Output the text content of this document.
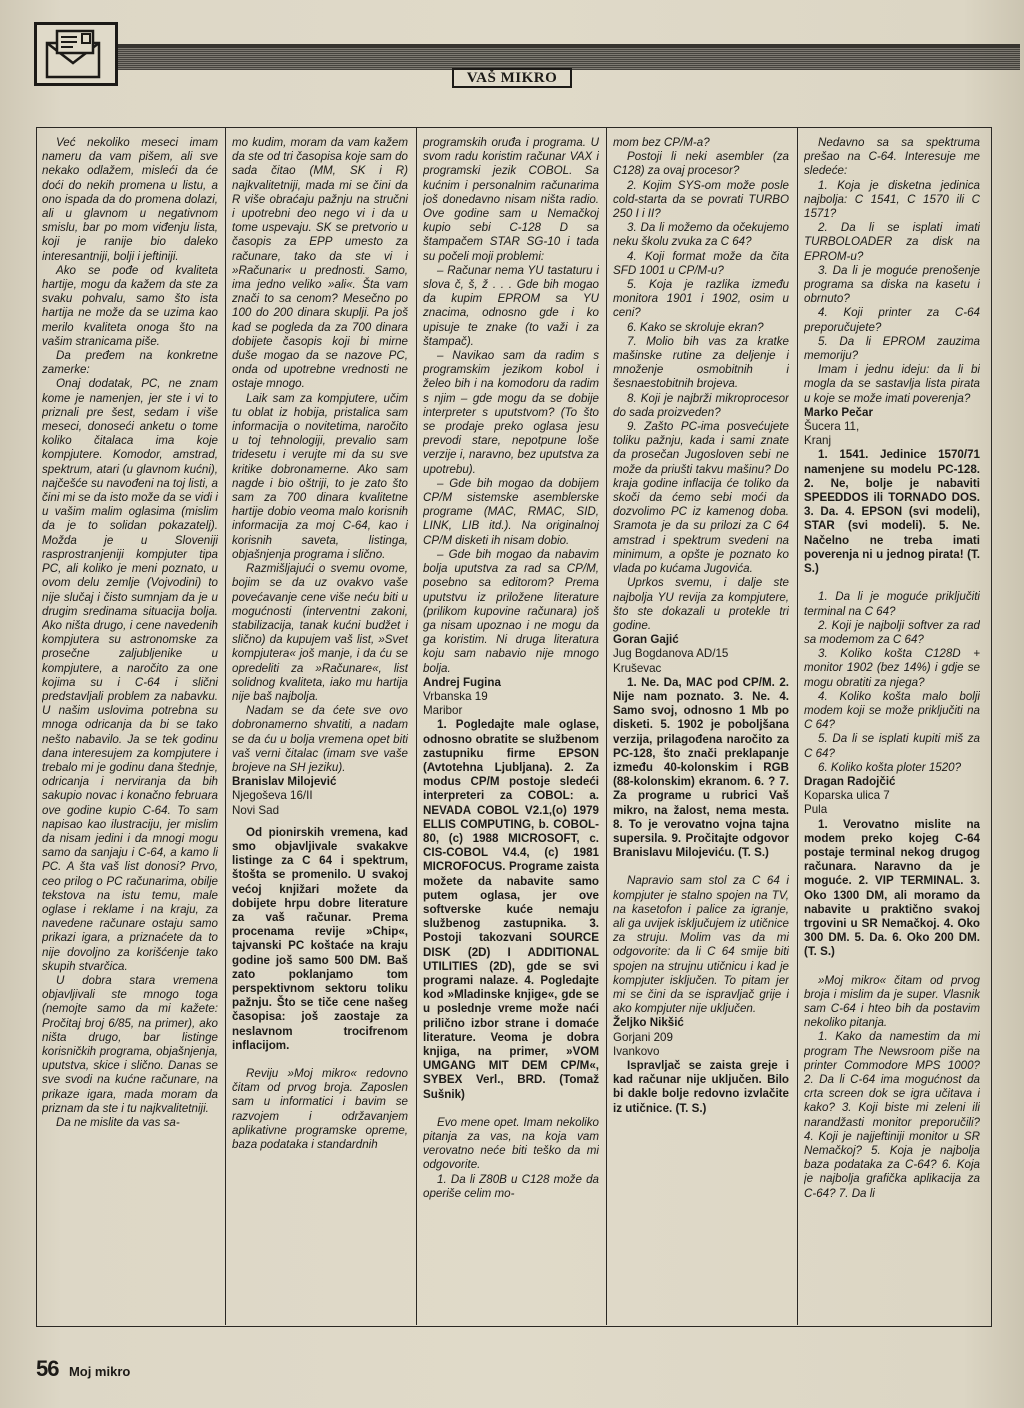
VAŠ MIKRO

Već nekoliko meseci imam nameru da vam pišem, ali sve nekako odlažem, misleći da će doći do nekih promena u listu, a ono ispada da do promena dolazi, ali u glavnom u negativnom smislu, bar po mom viđenju lista, koji je ranije bio daleko interesantniji, bolji i jeftiniji.

Ako se pođe od kvaliteta hartije, mogu da kažem da ste za svaku pohvalu, samo što ista hartija ne može da se uzima kao merilo kvaliteta onoga što na vašim stranicama piše.

Da pređem na konkretne zamerke:

Onaj dodatak, PC, ne znam kome je namenjen, jer ste i vi to priznali pre šest, sedam i više meseci, donoseći anketu o tome koliko čitalaca ima koje kompjutere. Komodor, amstrad, spektrum, atari (u glavnom kućni), najčešće su navođeni na toj listi, a čini mi se da isto može da se vidi i u vašim malim oglasima (mislim da je to solidan pokazatelj). Možda je u Sloveniji rasprostranjeniji kompjuter tipa PC, ali koliko je meni poznato, u ovom delu zemlje (Vojvodini) to nije slučaj i čisto sumnjam da je u drugim sredinama situacija bolja. Ako ništa drugo, i cene navedenih kompjutera su astronomske za prosečne zaljubljenike u kompjutere, a naročito za one kojima su i C-64 i slični predstavljali problem za nabavku. U našim uslovima potrebna su mnoga odricanja da bi se tako nešto nabavilo. Ja se tek godinu dana interesujem za kompjutere i trebalo mi je godinu dana štednje, odricanja i nerviranja da bih sakupio novac i konačno februara ove godine kupio C-64. To sam napisao kao ilustraciju, jer mislim da nisam jedini i da mnogi mogu samo da sanjaju i C-64, a kamo li PC. A šta vaš list donosi? Prvo, ceo prilog o PC računarima, obilje tekstova na istu temu, male oglase i reklame i na kraju, za navedene računare ostaju samo prikazi igara, a priznaćete da to nije dovoljno za korišćenje tako skupih stvarčica.

U dobra stara vremena objavljivali ste mnogo toga (nemojte samo da mi kažete: Pročitaj broj 6/85, na primer), ako ništa drugo, bar listinge korisničkih programa, objašnjenja, uputstva, skice i slično. Danas se sve svodi na kućne računare, na prikaze igara, mada moram da priznam da ste i tu najkvalitetniji.

Da ne mislite da vas sa-

mo kudim, moram da vam kažem da ste od tri časopisa koje sam do sada čitao (MM, SK i R) najkvalitetniji, mada mi se čini da R više obraćaju pažnju na stručni i upotrebni deo nego vi i da u tome uspevaju. SK se pretvorio u časopis za EPP umesto za računare, tako da ste vi i »Računari« u prednosti. Samo, ima jedno veliko »ali«. Šta vam znači to sa cenom? Mesečno po 100 do 200 dinara skuplji. Pa još kad se pogleda da za 700 dinara dobijete časopis koji bi mirne duše mogao da se nazove PC, onda od upotrebne vrednosti ne ostaje mnogo.

Laik sam za kompjutere, učim tu oblat iz hobija, pristalica sam informacija o novitetima, naročito u toj tehnologiji, prevalio sam tridesetu i verujte mi da su sve kritike dobronamerne. Ako sam nagde i bio oštriji, to je zato što sam za 700 dinara kvalitetne hartije dobio veoma malo korisnih informacija za moj C-64, kao i korisnih saveta, listinga, objašnjenja programa i slično.

Razmišljajući o svemu ovome, bojim se da uz ovakvo vaše povećavanje cene više neću biti u mogućnosti (interventni zakoni, stabilizacija, tanak kućni budžet i slično) da kupujem vaš list, »Svet kompjutera« još manje, i da ću se opredeliti za »Računare«, list solidnog kvaliteta, iako mu hartija nije baš najbolja.

Nadam se da ćete sve ovo dobronamerno shvatiti, a nadam se da ću u bolja vremena opet biti vaš verni čitalac (imam sve vaše brojeve na SH jeziku).

Branislav Milojević

Njegoševa 16/II

Novi Sad

Od pionirskih vremena, kad smo objavljivale svakakve listinge za C 64 i spektrum, štošta se promenilo. U svakoj većoj knjižari možete da dobijete hrpu dobre literature za vaš računar. Prema procenama revije »Chip«, tajvanski PC koštaće na kraju godine još samo 500 DM. Baš zato poklanjamo tom perspektivnom sektoru toliku pažnju. Što se tiče cene našeg časopisa: još zaostaje za neslavnom trocifrenom inflacijom.

Reviju »Moj mikro« redovno čitam od prvog broja. Zaposlen sam u informatici i bavim se razvojem i održavanjem aplikativne programske opreme, baza podataka i standardnih

programskih oruđa i programa. U svom radu koristim računar VAX i programski jezik COBOL. Sa kućnim i personalnim računarima još donedavno nisam ništa radio. Ove godine sam u Nemačkoj kupio sebi C-128 D sa štampačem STAR SG-10 i tada su počeli moji problemi:

– Računar nema YU tastaturu i slova č, š, ž . . . Gde bih mogao da kupim EPROM sa YU znacima, odnosno gde i ko upisuje te znake (to važi i za štampač).

– Navikao sam da radim s programskim jezikom kobol i želeo bih i na komodoru da radim s njim – gde mogu da se dobije interpreter s uputstvom? (To što se prodaje preko oglasa jesu prevodi stare, nepotpune loše verzije i, naravno, bez uputstva za upotrebu).

– Gde bih mogao da dobijem CP/M sistemske asemblerske programe (MAC, RMAC, SID, LINK, LIB itd.). Na originalnoj CP/M disketi ih nisam dobio.

– Gde bih mogao da nabavim bolja uputstva za rad sa CP/M, posebno sa editorom? Prema uputstvu iz priložene literature (prilikom kupovine računara) još ga nisam upoznao i ne mogu da ga koristim. Ni druga literatura koju sam nabavio nije mnogo bolja.

Andrej Fugina

Vrbanska 19

Maribor

1. Pogledajte male oglase, odnosno obratite se službenom zastupniku firme EPSON (Avtotehna Ljubljana). 2. Za modus CP/M postoje sledeći interpreteri za COBOL: a. NEVADA COBOL V2.1,(o) 1979 ELLIS COMPUTING, b. COBOL-80, (c) 1988 MICROSOFT, c. CIS-COBOL V4.4, (c) 1981 MICROFOCUS. Programe zaista možete da nabavite samo putem oglasa, jer ove softverske kuće nemaju službenog zastupnika. 3. Postoji takozvani SOURCE DISK (2D) I ADDITIONAL UTILITIES (2D), gde se svi programi nalaze. 4. Pogledajte kod »Mladinske knjige«, gde se u poslednje vreme može naći prilično izbor strane i domaće literature. Veoma je dobra knjiga, na primer, »VOM UMGANG MIT DEM CP/M«, SYBEX Verl., BRD. (Tomaž Sušnik)

Evo mene opet. Imam nekoliko pitanja za vas, na koja vam verovatno neće biti teško da mi odgovorite.

1. Da li Z80B u C128 može da operiše celim mo-

mom bez CP/M-a?

Postoji li neki asembler (za C128) za ovaj procesor?

2. Kojim SYS-om može posle cold-starta da se povrati TURBO 250 I i II?

3. Da li možemo da očekujemo neku školu zvuka za C 64?

4. Koji format može da čita SFD 1001 u CP/M-u?

5. Koja je razlika između monitora 1901 i 1902, osim u ceni?

6. Kako se skroluje ekran?

7. Molio bih vas za kratke mašinske rutine za deljenje i množenje osmobitnih i šesnaestobitnih brojeva.

8. Koji je najbrži mikroprocesor do sada proizveden?

9. Zašto PC-ima posvećujete toliku pažnju, kada i sami znate da prosečan Jugosloven sebi ne može da priušti takvu mašinu? Do kraja godine inflacija će toliko da skoči da ćemo sebi moći da dozvolimo PC iz kamenog doba. Sramota je da su prilozi za C 64 amstrad i spektrum svedeni na minimum, a opšte je poznato ko vlada po kućama Jugovića.

Uprkos svemu, i dalje ste najbolja YU revija za kompjutere, što ste dokazali u protekle tri godine.

Goran Gajić

Jug Bogdanova AD/15

Kruševac

1. Ne. Da, MAC pod CP/M. 2. Nije nam poznato. 3. Ne. 4. Samo svoj, odnosno 1 Mb po disketi. 5. 1902 je poboljšana verzija, prilagođena naročito za PC-128, što znači preklapanje između 40-kolonskim i RGB (88-kolonskim) ekranom. 6. ? 7. Za programe u rubrici Vaš mikro, na žalost, nema mesta. 8. To je verovatno vojna tajna supersila. 9. Pročitajte odgovor Branislavu Milojeviću. (T. S.)

Napravio sam stol za C 64 i kompjuter je stalno spojen na TV, na kasetofon i palice za igranje, ali ga uvijek isključujem iz utičnice za struju. Molim vas da mi odgovorite: da li C 64 smije biti spojen na strujnu utičnicu i kad je kompjuter isključen. To pitam jer mi se čini da se ispravljač grije i ako kompjuter nije uključen.

Željko Nikšić

Gorjani 209

Ivankovo

Ispravljač se zaista greje i kad računar nije uključen. Bilo bi dakle bolje redovno izvlačite iz utičnice. (T. S.)

Nedavno sa sa spektruma prešao na C-64. Interesuje me sledeće:

1. Koja je disketna jedinica najbolja: C 1541, C 1570 ili C 1571?

2. Da li se isplati imati TURBOLOADER za disk na EPROM-u?

3. Da li je moguće prenošenje programa sa diska na kasetu i obrnuto?

4. Koji printer za C-64 preporučujete?

5. Da li EPROM zauzima memoriju?

Imam i jednu ideju: da li bi mogla da se sastavlja lista pirata u koje se može imati poverenja?

Marko Pečar

Šucera 11,

Kranj

1. 1541. Jedinice 1570/71 namenjene su modelu PC-128. 2. Ne, bolje je nabaviti SPEEDDOS ili TORNADO DOS. 3. Da. 4. EPSON (svi modeli), STAR (svi modeli). 5. Ne. Načelno ne treba imati poverenja ni u jednog pirata! (T. S.)

1. Da li je moguće priključiti terminal na C 64?

2. Koji je najbolji softver za rad sa modemom za C 64?

3. Koliko košta C128D + monitor 1902 (bez 14%) i gdje se mogu obratiti za njega?

4. Koliko košta malo bolji modem koji se može priključiti na C 64?

5. Da li se isplati kupiti miš za C 64?

6. Koliko košta ploter 1520?

Dragan Radojčić

Koparska ulica 7

Pula

1. Verovatno mislite na modem preko kojeg C-64 postaje terminal nekog drugog računara. Naravno da je moguće. 2. VIP TERMINAL. 3. Oko 1300 DM, ali moramo da nabavite u praktično svakoj trgovini u SR Nemačkoj. 4. Oko 300 DM. 5. Da. 6. Oko 200 DM. (T. S.)

»Moj mikro« čitam od prvog broja i mislim da je super. Vlasnik sam C-64 i hteo bih da postavim nekoliko pitanja.

1. Kako da namestim da mi program The Newsroom piše na printer Commodore MPS 1000? 2. Da li C-64 ima mogućnost da crta screen dok se igra učitava i kako? 3. Koji biste mi zeleni ili narandžasti monitor preporučili? 4. Koji je najjeftiniji monitor u SR Nemačkoj? 5. Koja je najbolja baza podataka za C-64? 6. Koja je najbolja grafička aplikacija za C-64? 7. Da li

56 Moj mikro
